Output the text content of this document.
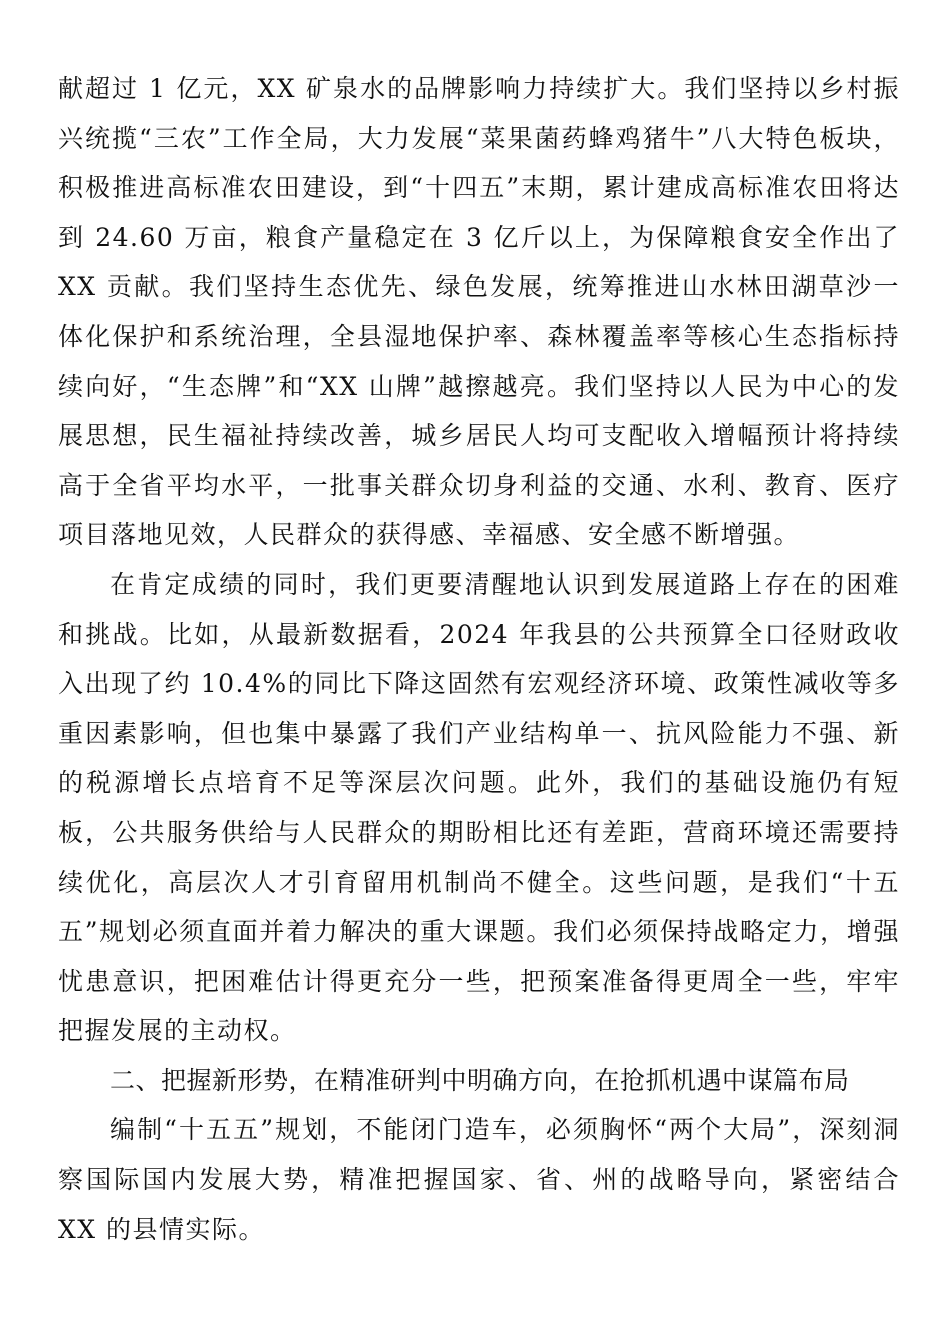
献超过 1 亿元，XX 矿泉水的品牌影响力持续扩大。我们坚持以乡村振兴统揽“三农”工作全局，大力发展“菜果菌药蜂鸡猪牛”八大特色板块，积极推进高标准农田建设，到“十四五”末期，累计建成高标准农田将达到 24.60 万亩，粮食产量稳定在 3 亿斤以上，为保障粮食安全作出了 XX 贡献。我们坚持生态优先、绿色发展，统筹推进山水林田湖草沙一体化保护和系统治理，全县湿地保护率、森林覆盖率等核心生态指标持续向好，“生态牌”和“XX 山牌”越擦越亮。我们坚持以人民为中心的发展思想，民生福祉持续改善，城乡居民人均可支配收入增幅预计将持续高于全省平均水平，一批事关群众切身利益的交通、水利、教育、医疗项目落地见效，人民群众的获得感、幸福感、安全感不断增强。

在肯定成绩的同时，我们更要清醒地认识到发展道路上存在的困难和挑战。比如，从最新数据看，2024 年我县的公共预算全口径财政收入出现了约 10.4%的同比下降这固然有宏观经济环境、政策性减收等多重因素影响，但也集中暴露了我们产业结构单一、抗风险能力不强、新的税源增长点培育不足等深层次问题。此外，我们的基础设施仍有短板，公共服务供给与人民群众的期盼相比还有差距，营商环境还需要持续优化，高层次人才引育留用机制尚不健全。这些问题，是我们“十五五”规划必须直面并着力解决的重大课题。我们必须保持战略定力，增强忧患意识，把困难估计得更充分一些，把预案准备得更周全一些，牢牢把握发展的主动权。

二、把握新形势，在精准研判中明确方向，在抢抓机遇中谋篇布局

编制“十五五”规划，不能闭门造车，必须胸怀“两个大局”，深刻洞察国际国内发展大势，精准把握国家、省、州的战略导向，紧密结合 XX 的县情实际。
